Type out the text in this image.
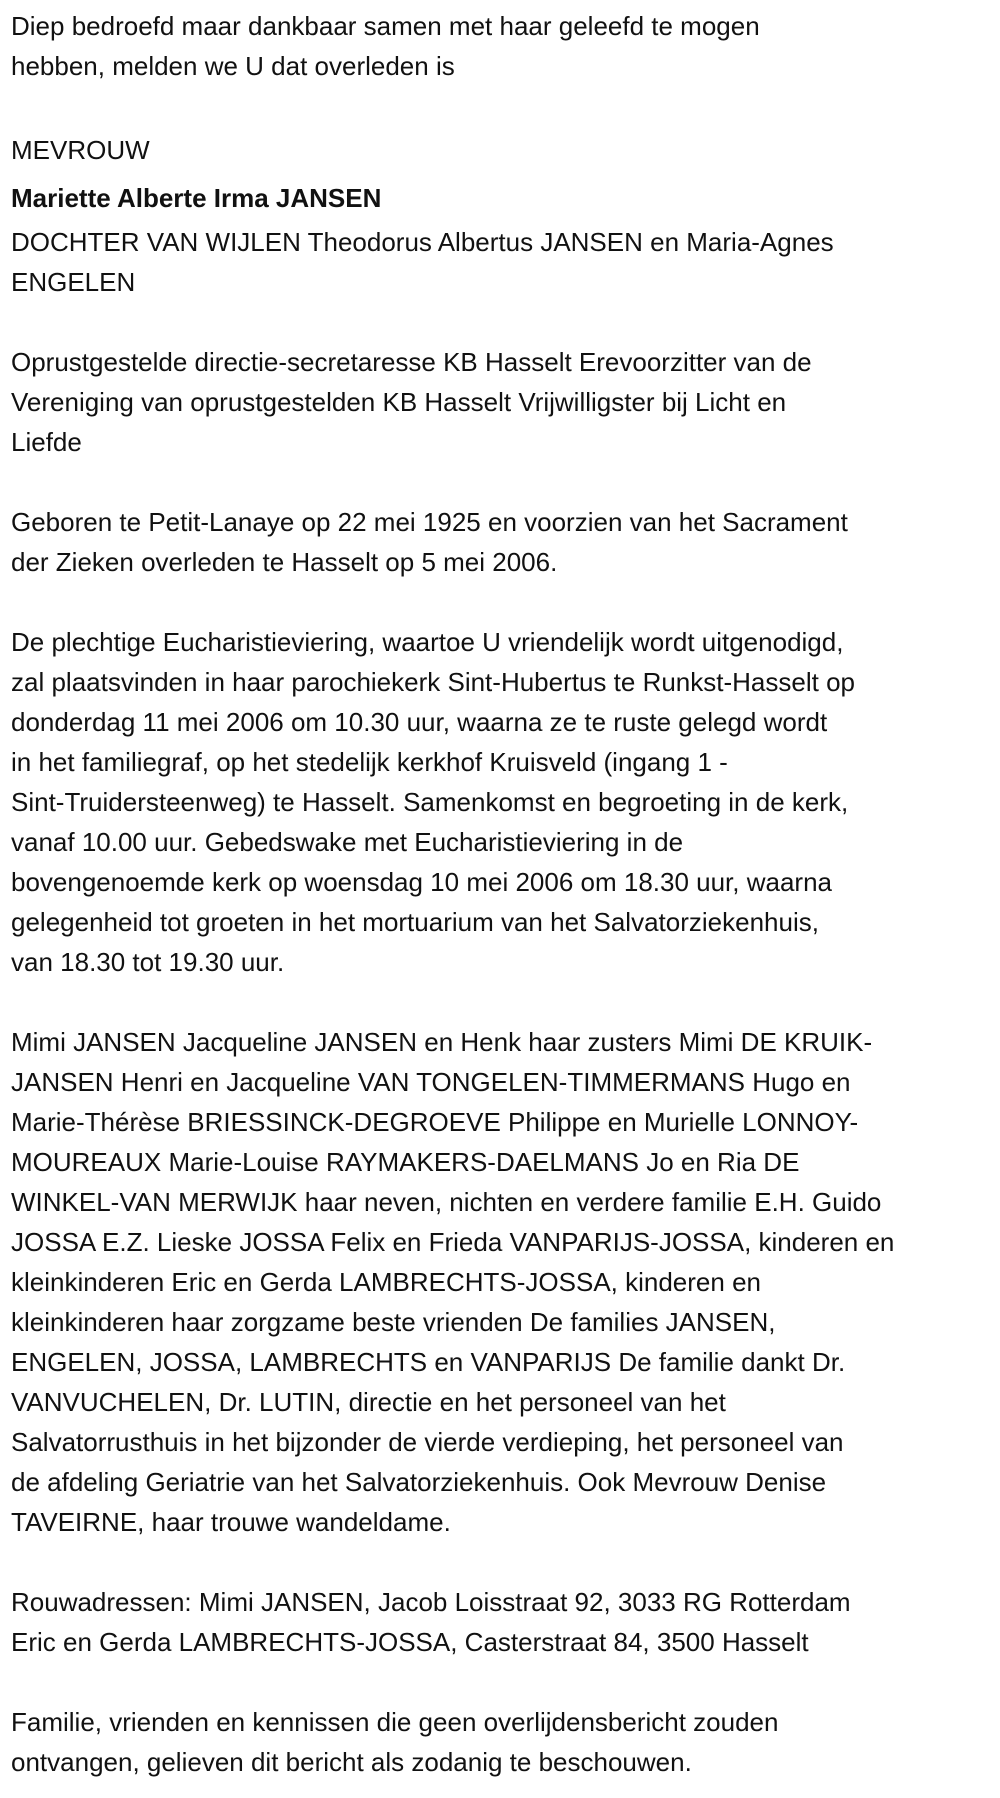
Diep bedroefd maar dankbaar samen met haar geleefd te mogen
hebben, melden we U dat overleden is
MEVROUW
Mariette Alberte Irma JANSEN
DOCHTER VAN WIJLEN Theodorus Albertus JANSEN en Maria-Agnes
ENGELEN
Oprustgestelde directie-secretaresse KB Hasselt Erevoorzitter van de
Vereniging van oprustgestelden KB Hasselt Vrijwilligster bij Licht en
Liefde
Geboren te Petit-Lanaye op 22 mei 1925 en voorzien van het Sacrament
der Zieken overleden te Hasselt op 5 mei 2006.
De plechtige Eucharistieviering, waartoe U vriendelijk wordt uitgenodigd,
zal plaatsvinden in haar parochiekerk Sint-Hubertus te Runkst-Hasselt op
donderdag 11 mei 2006 om 10.30 uur, waarna ze te ruste gelegd wordt
in het familiegraf, op het stedelijk kerkhof Kruisveld (ingang 1 -
Sint-Truidersteenweg) te Hasselt. Samenkomst en begroeting in de kerk,
vanaf 10.00 uur. Gebedswake met Eucharistieviering in de
bovengenoemde kerk op woensdag 10 mei 2006 om 18.30 uur, waarna
gelegenheid tot groeten in het mortuarium van het Salvatorziekenhuis,
van 18.30 tot 19.30 uur.
Mimi JANSEN Jacqueline JANSEN en Henk haar zusters Mimi DE KRUIK-
JANSEN Henri en Jacqueline VAN TONGELEN-TIMMERMANS Hugo en
Marie-Thérèse BRIESSINCK-DEGROEVE Philippe en Murielle LONNOY-
MOUREAUX Marie-Louise RAYMAKERS-DAELMANS Jo en Ria DE
WINKEL-VAN MERWIJK haar neven, nichten en verdere familie E.H. Guido
JOSSA E.Z. Lieske JOSSA Felix en Frieda VANPARIJS-JOSSA, kinderen en
kleinkinderen Eric en Gerda LAMBRECHTS-JOSSA, kinderen en
kleinkinderen haar zorgzame beste vrienden De families JANSEN,
ENGELEN, JOSSA, LAMBRECHTS en VANPARIJS De familie dankt Dr.
VANVUCHELEN, Dr. LUTIN, directie en het personeel van het
Salvatorrusthuis in het bijzonder de vierde verdieping, het personeel van
de afdeling Geriatrie van het Salvatorziekenhuis. Ook Mevrouw Denise
TAVEIRNE, haar trouwe wandeldame.
Rouwadressen: Mimi JANSEN, Jacob Loisstraat 92, 3033 RG Rotterdam
Eric en Gerda LAMBRECHTS-JOSSA, Casterstraat 84, 3500 Hasselt
Familie, vrienden en kennissen die geen overlijdensbericht zouden
ontvangen, gelieven dit bericht als zodanig te beschouwen.
